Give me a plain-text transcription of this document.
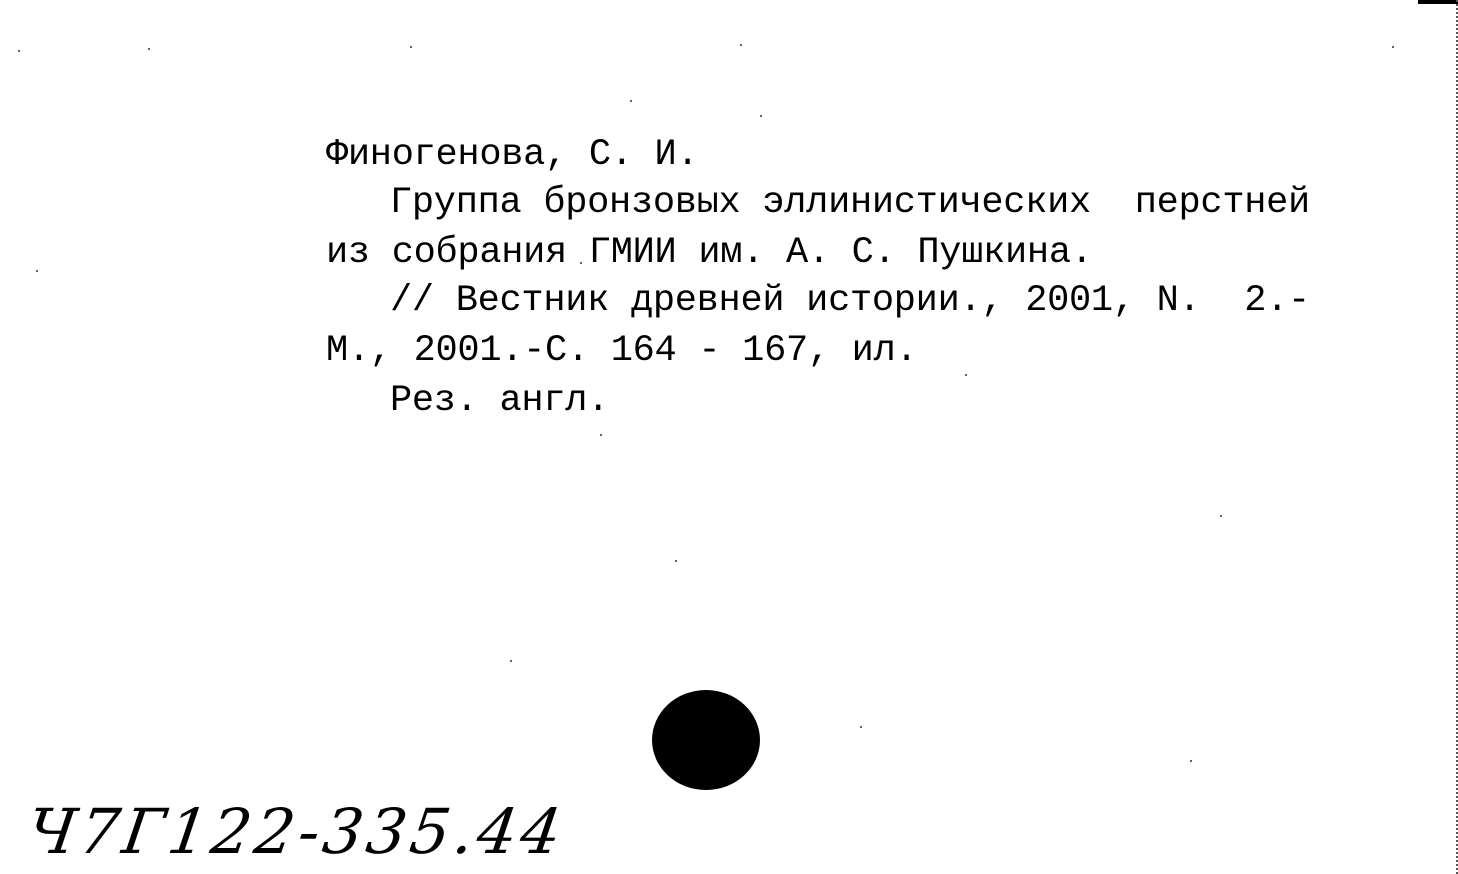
Финогенова, С. И.
Группа бронзовых эллинистических  перстней
из собрания ГМИИ им. А. С. Пушкина.
// Вестник древней истории., 2001, N.  2.-
М., 2001.-С. 164 - 167, ил.
Рез. англ.
Ч7Г122-335.44
